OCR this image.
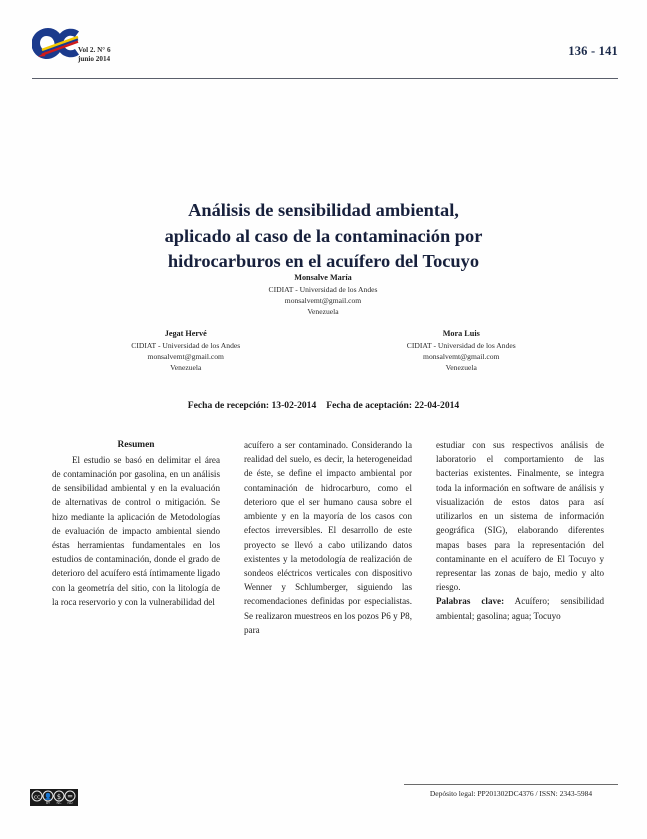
Vol 2. N° 6
junio 2014
136 - 141
Análisis de sensibilidad ambiental,
aplicado al caso de la contaminación por
hidrocarburos en el acuífero del Tocuyo
Monsalve María
CIDIAT - Universidad de los Andes
monsalvemt@gmail.com
Venezuela
Jegat Hervé
CIDIAT - Universidad de los Andes
monsalvemt@gmail.com
Venezuela
Mora Luis
CIDIAT - Universidad de los Andes
monsalvemt@gmail.com
Venezuela
Fecha de recepción: 13-02-2014 Fecha de aceptación: 22-04-2014

Resumen

El estudio se basó en delimitar el área de contaminación por gasolina, en un análisis de sensibilidad ambiental y en la evaluación de alternativas de control o mitigación. Se hizo mediante la aplicación de Metodologías de evaluación de impacto ambiental siendo éstas herramientas fundamentales en los estudios de contaminación, donde el grado de deterioro del acuífero está íntimamente ligado con la geometría del sitio, con la litología de la roca reservorio y con la vulnerabilidad del

acuífero a ser contaminado. Considerando la realidad del suelo, es decir, la heterogeneidad de éste, se define el impacto ambiental por contaminación de hidrocarburo, como el deterioro que el ser humano causa sobre el ambiente y en la mayoría de los casos con efectos irreversibles. El desarrollo de este proyecto se llevó a cabo utilizando datos existentes y la metodología de realización de sondeos eléctricos verticales con dispositivo Wenner y Schlumberger, siguiendo las recomendaciones definidas por especialistas. Se realizaron muestreos en los pozos P6 y P8, para

estudiar con sus respectivos análisis de laboratorio el comportamiento de las bacterias existentes. Finalmente, se integra toda la información en software de análisis y visualización de estos datos para así utilizarlos en un sistema de información geográfica (SIG), elaborando diferentes mapas bases para la representación del contaminante en el acuífero de El Tocuyo y representar las zonas de bajo, medio y alto riesgo.

Palabras clave: Acuífero; sensibilidad ambiental; gasolina; agua; Tocuyo

cc 👤 $ =
BY NC ND
Depósito legal: PP201302DC4376 / ISSN: 2343-5984
